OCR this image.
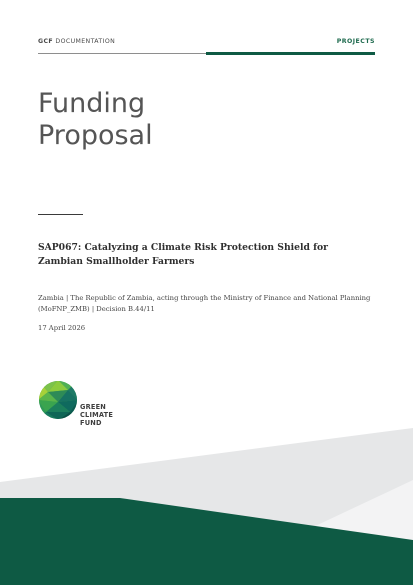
GCF DOCUMENTATION	PROJECTS
Funding
Proposal
SAP067: Catalyzing a Climate Risk Protection Shield for Zambian Smallholder Farmers
Zambia | The Republic of Zambia, acting through the Ministry of Finance and National Planning (MoFNP_ZMB) | Decision B.44/11
17 April 2026
GREEN
CLIMATE
FUND
